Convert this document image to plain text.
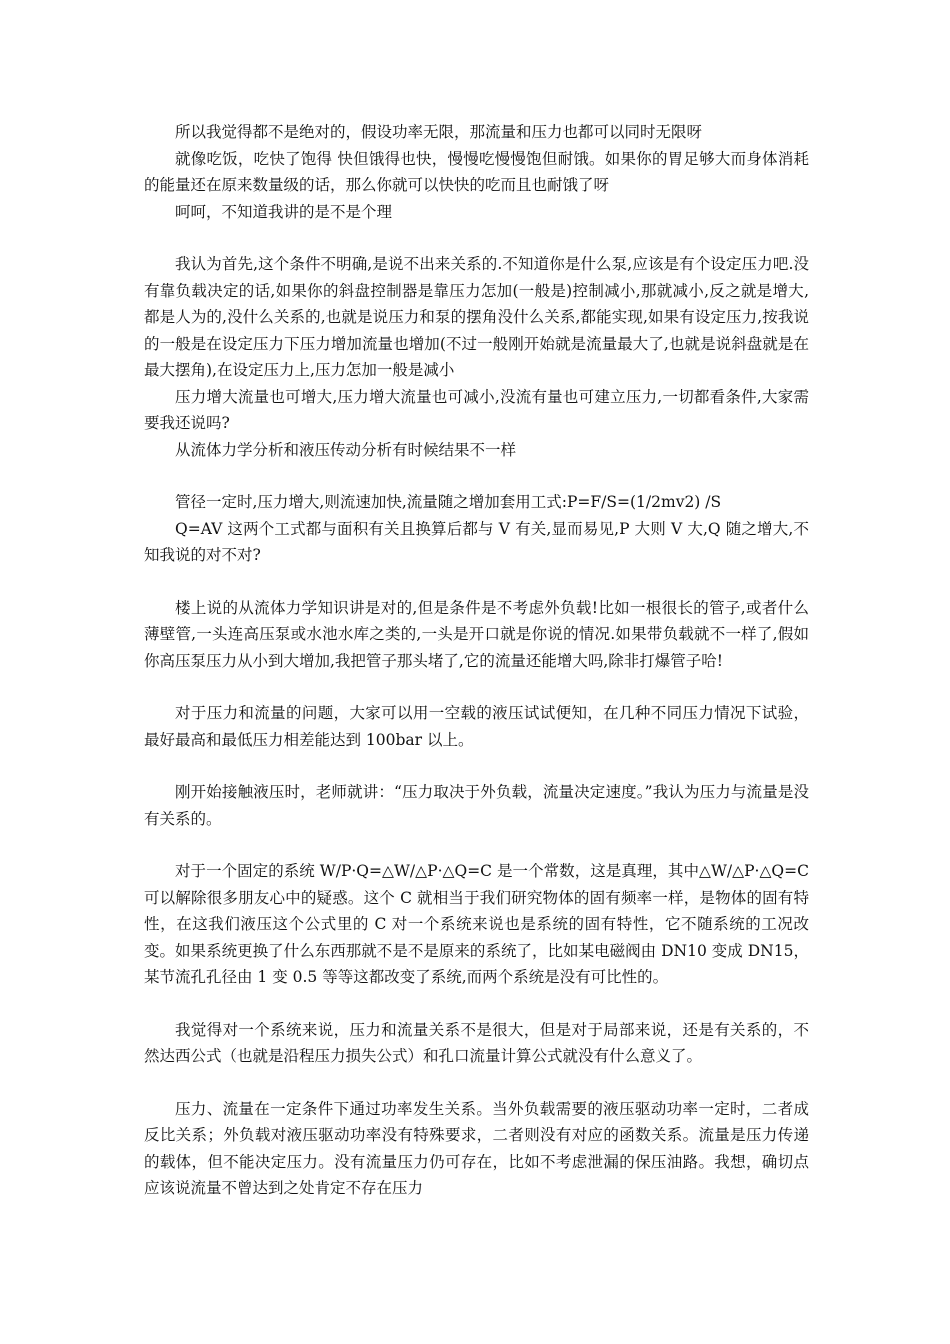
所以我觉得都不是绝对的，假设功率无限，那流量和压力也都可以同时无限呀

就像吃饭，吃快了饱得 快但饿得也快，慢慢吃慢慢饱但耐饿。如果你的胃足够大而身体消耗的能量还在原来数量级的话，那么你就可以快快的吃而且也耐饿了呀

呵呵，不知道我讲的是不是个理

我认为首先,这个条件不明确,是说不出来关系的.不知道你是什么泵,应该是有个设定压力吧.没有靠负载决定的话,如果你的斜盘控制器是靠压力怎加(一般是)控制减小,那就减小,反之就是增大,都是人为的,没什么关系的,也就是说压力和泵的摆角没什么关系,都能实现,如果有设定压力,按我说的一般是在设定压力下压力增加流量也增加(不过一般刚开始就是流量最大了,也就是说斜盘就是在最大摆角),在设定压力上,压力怎加一般是减小

压力增大流量也可增大,压力增大流量也可减小,没流有量也可建立压力,一切都看条件,大家需要我还说吗?

从流体力学分析和液压传动分析有时候结果不一样

管径一定时,压力增大,则流速加快,流量随之增加套用工式:P=F/S=(1/2mv2) /S

Q=AV 这两个工式都与面积有关且换算后都与 V 有关,显而易见,P 大则 V 大,Q 随之增大,不知我说的对不对?

楼上说的从流体力学知识讲是对的,但是条件是不考虑外负载!比如一根很长的管子,或者什么薄壁管,一头连高压泵或水池水库之类的,一头是开口就是你说的情况.如果带负载就不一样了,假如你高压泵压力从小到大增加,我把管子那头堵了,它的流量还能增大吗,除非打爆管子哈!

对于压力和流量的问题，大家可以用一空载的液压试试便知，在几种不同压力情况下试验，最好最高和最低压力相差能达到 100bar 以上。

刚开始接触液压时，老师就讲：“压力取决于外负载，流量决定速度。”我认为压力与流量是没有关系的。

对于一个固定的系统 W/P·Q=△W/△P·△Q=C 是一个常数，这是真理，其中△W/△P·△Q=C 可以解除很多朋友心中的疑惑。这个 C 就相当于我们研究物体的固有频率一样，是物体的固有特性，在这我们液压这个公式里的 C 对一个系统来说也是系统的固有特性，它不随系统的工况改变。如果系统更换了什么东西那就不是不是原来的系统了，比如某电磁阀由 DN10 变成 DN15，某节流孔孔径由 1 变 0.5 等等这都改变了系统,而两个系统是没有可比性的。

我觉得对一个系统来说，压力和流量关系不是很大，但是对于局部来说，还是有关系的，不然达西公式（也就是沿程压力损失公式）和孔口流量计算公式就没有什么意义了。

压力、流量在一定条件下通过功率发生关系。当外负载需要的液压驱动功率一定时，二者成反比关系；外负载对液压驱动功率没有特殊要求，二者则没有对应的函数关系。流量是压力传递的载体，但不能决定压力。没有流量压力仍可存在，比如不考虑泄漏的保压油路。我想，确切点应该说流量不曾达到之处肯定不存在压力
